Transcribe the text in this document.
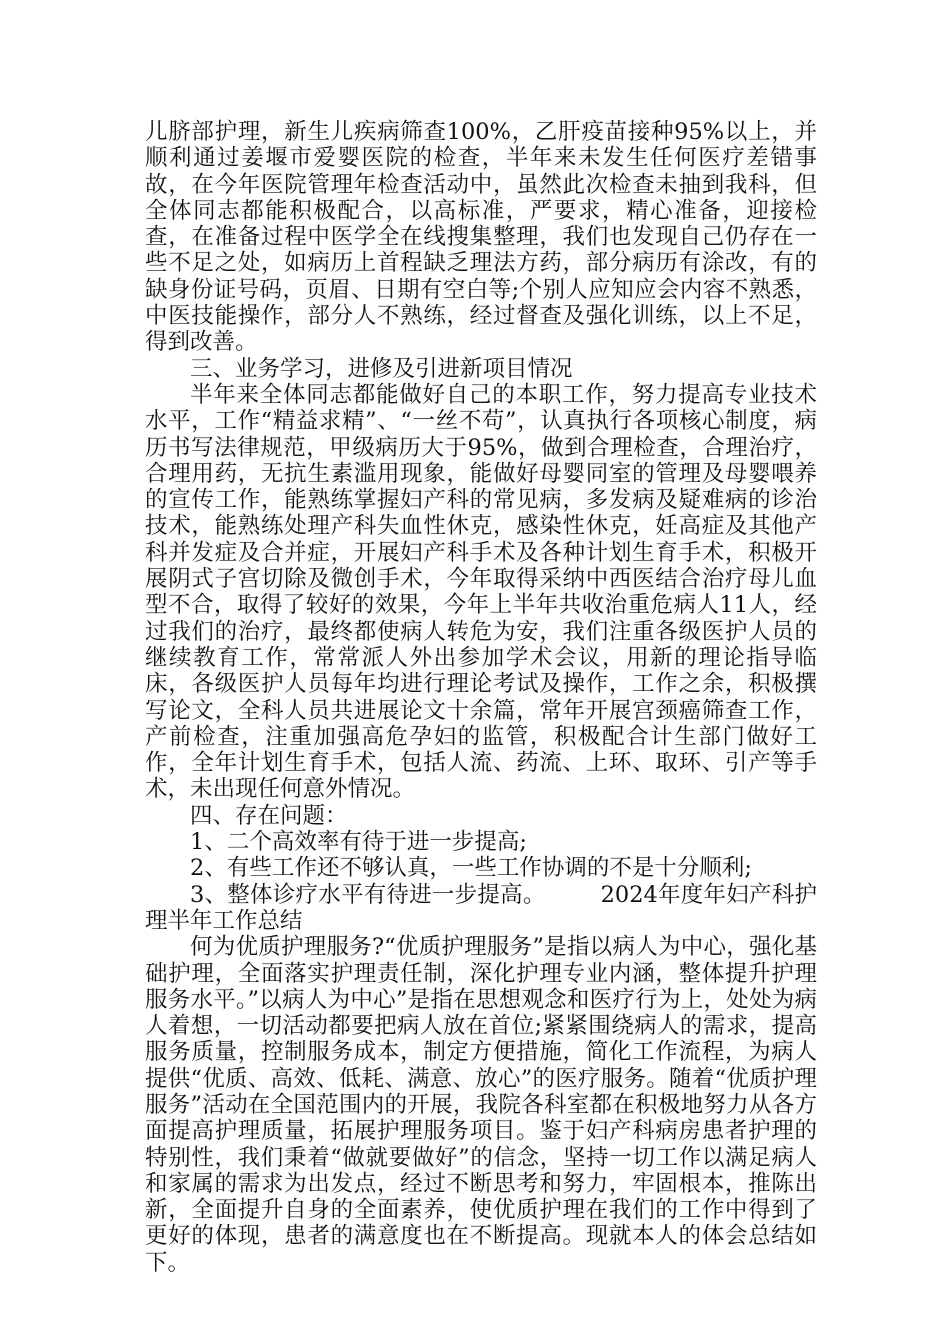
儿脐部护理，新生儿疾病筛查100%，乙肝疫苗接种95%以上，并顺利通过姜堰市爱婴医院的检查，半年来未发生任何医疗差错事故，在今年医院管理年检查活动中，虽然此次检查未抽到我科，但全体同志都能积极配合，以高标准，严要求，精心准备，迎接检查，在准备过程中医学全在线搜集整理，我们也发现自己仍存在一些不足之处，如病历上首程缺乏理法方药，部分病历有涂改，有的缺身份证号码，页眉、日期有空白等;个别人应知应会内容不熟悉，中医技能操作，部分人不熟练，经过督查及强化训练，以上不足，得到改善。

三、业务学习，进修及引进新项目情况

半年来全体同志都能做好自己的本职工作，努力提高专业技术水平，工作“精益求精”、“一丝不苟”，认真执行各项核心制度，病历书写法律规范，甲级病历大于95%，做到合理检查，合理治疗，合理用药，无抗生素滥用现象，能做好母婴同室的管理及母婴喂养的宣传工作，能熟练掌握妇产科的常见病，多发病及疑难病的诊治技术，能熟练处理产科失血性休克，感染性休克，妊高症及其他产科并发症及合并症，开展妇产科手术及各种计划生育手术，积极开展阴式子宫切除及微创手术，今年取得采纳中西医结合治疗母儿血型不合，取得了较好的效果，今年上半年共收治重危病人11人，经过我们的治疗，最终都使病人转危为安，我们注重各级医护人员的继续教育工作，常常派人外出参加学术会议，用新的理论指导临床，各级医护人员每年均进行理论考试及操作，工作之余，积极撰写论文，全科人员共进展论文十余篇，常年开展宫颈癌筛查工作，产前检查，注重加强高危孕妇的监管，积极配合计生部门做好工作，全年计划生育手术，包括人流、药流、上环、取环、引产等手术，未出现任何意外情况。

四、存在问题：

1、二个高效率有待于进一步提高;

2、有些工作还不够认真，一些工作协调的不是十分顺利;

3、整体诊疗水平有待进一步提高。 2024年度年妇产科护理半年工作总结

何为优质护理服务?“优质护理服务”是指以病人为中心，强化基础护理，全面落实护理责任制，深化护理专业内涵，整体提升护理服务水平。”以病人为中心”是指在思想观念和医疗行为上，处处为病人着想，一切活动都要把病人放在首位;紧紧围绕病人的需求，提高服务质量，控制服务成本，制定方便措施，简化工作流程，为病人提供“优质、高效、低耗、满意、放心”的医疗服务。随着“优质护理服务”活动在全国范围内的开展，我院各科室都在积极地努力从各方面提高护理质量，拓展护理服务项目。鉴于妇产科病房患者护理的特别性，我们秉着“做就要做好”的信念，坚持一切工作以满足病人和家属的需求为出发点，经过不断思考和努力，牢固根本，推陈出新，全面提升自身的全面素养，使优质护理在我们的工作中得到了更好的体现，患者的满意度也在不断提高。现就本人的体会总结如下。
